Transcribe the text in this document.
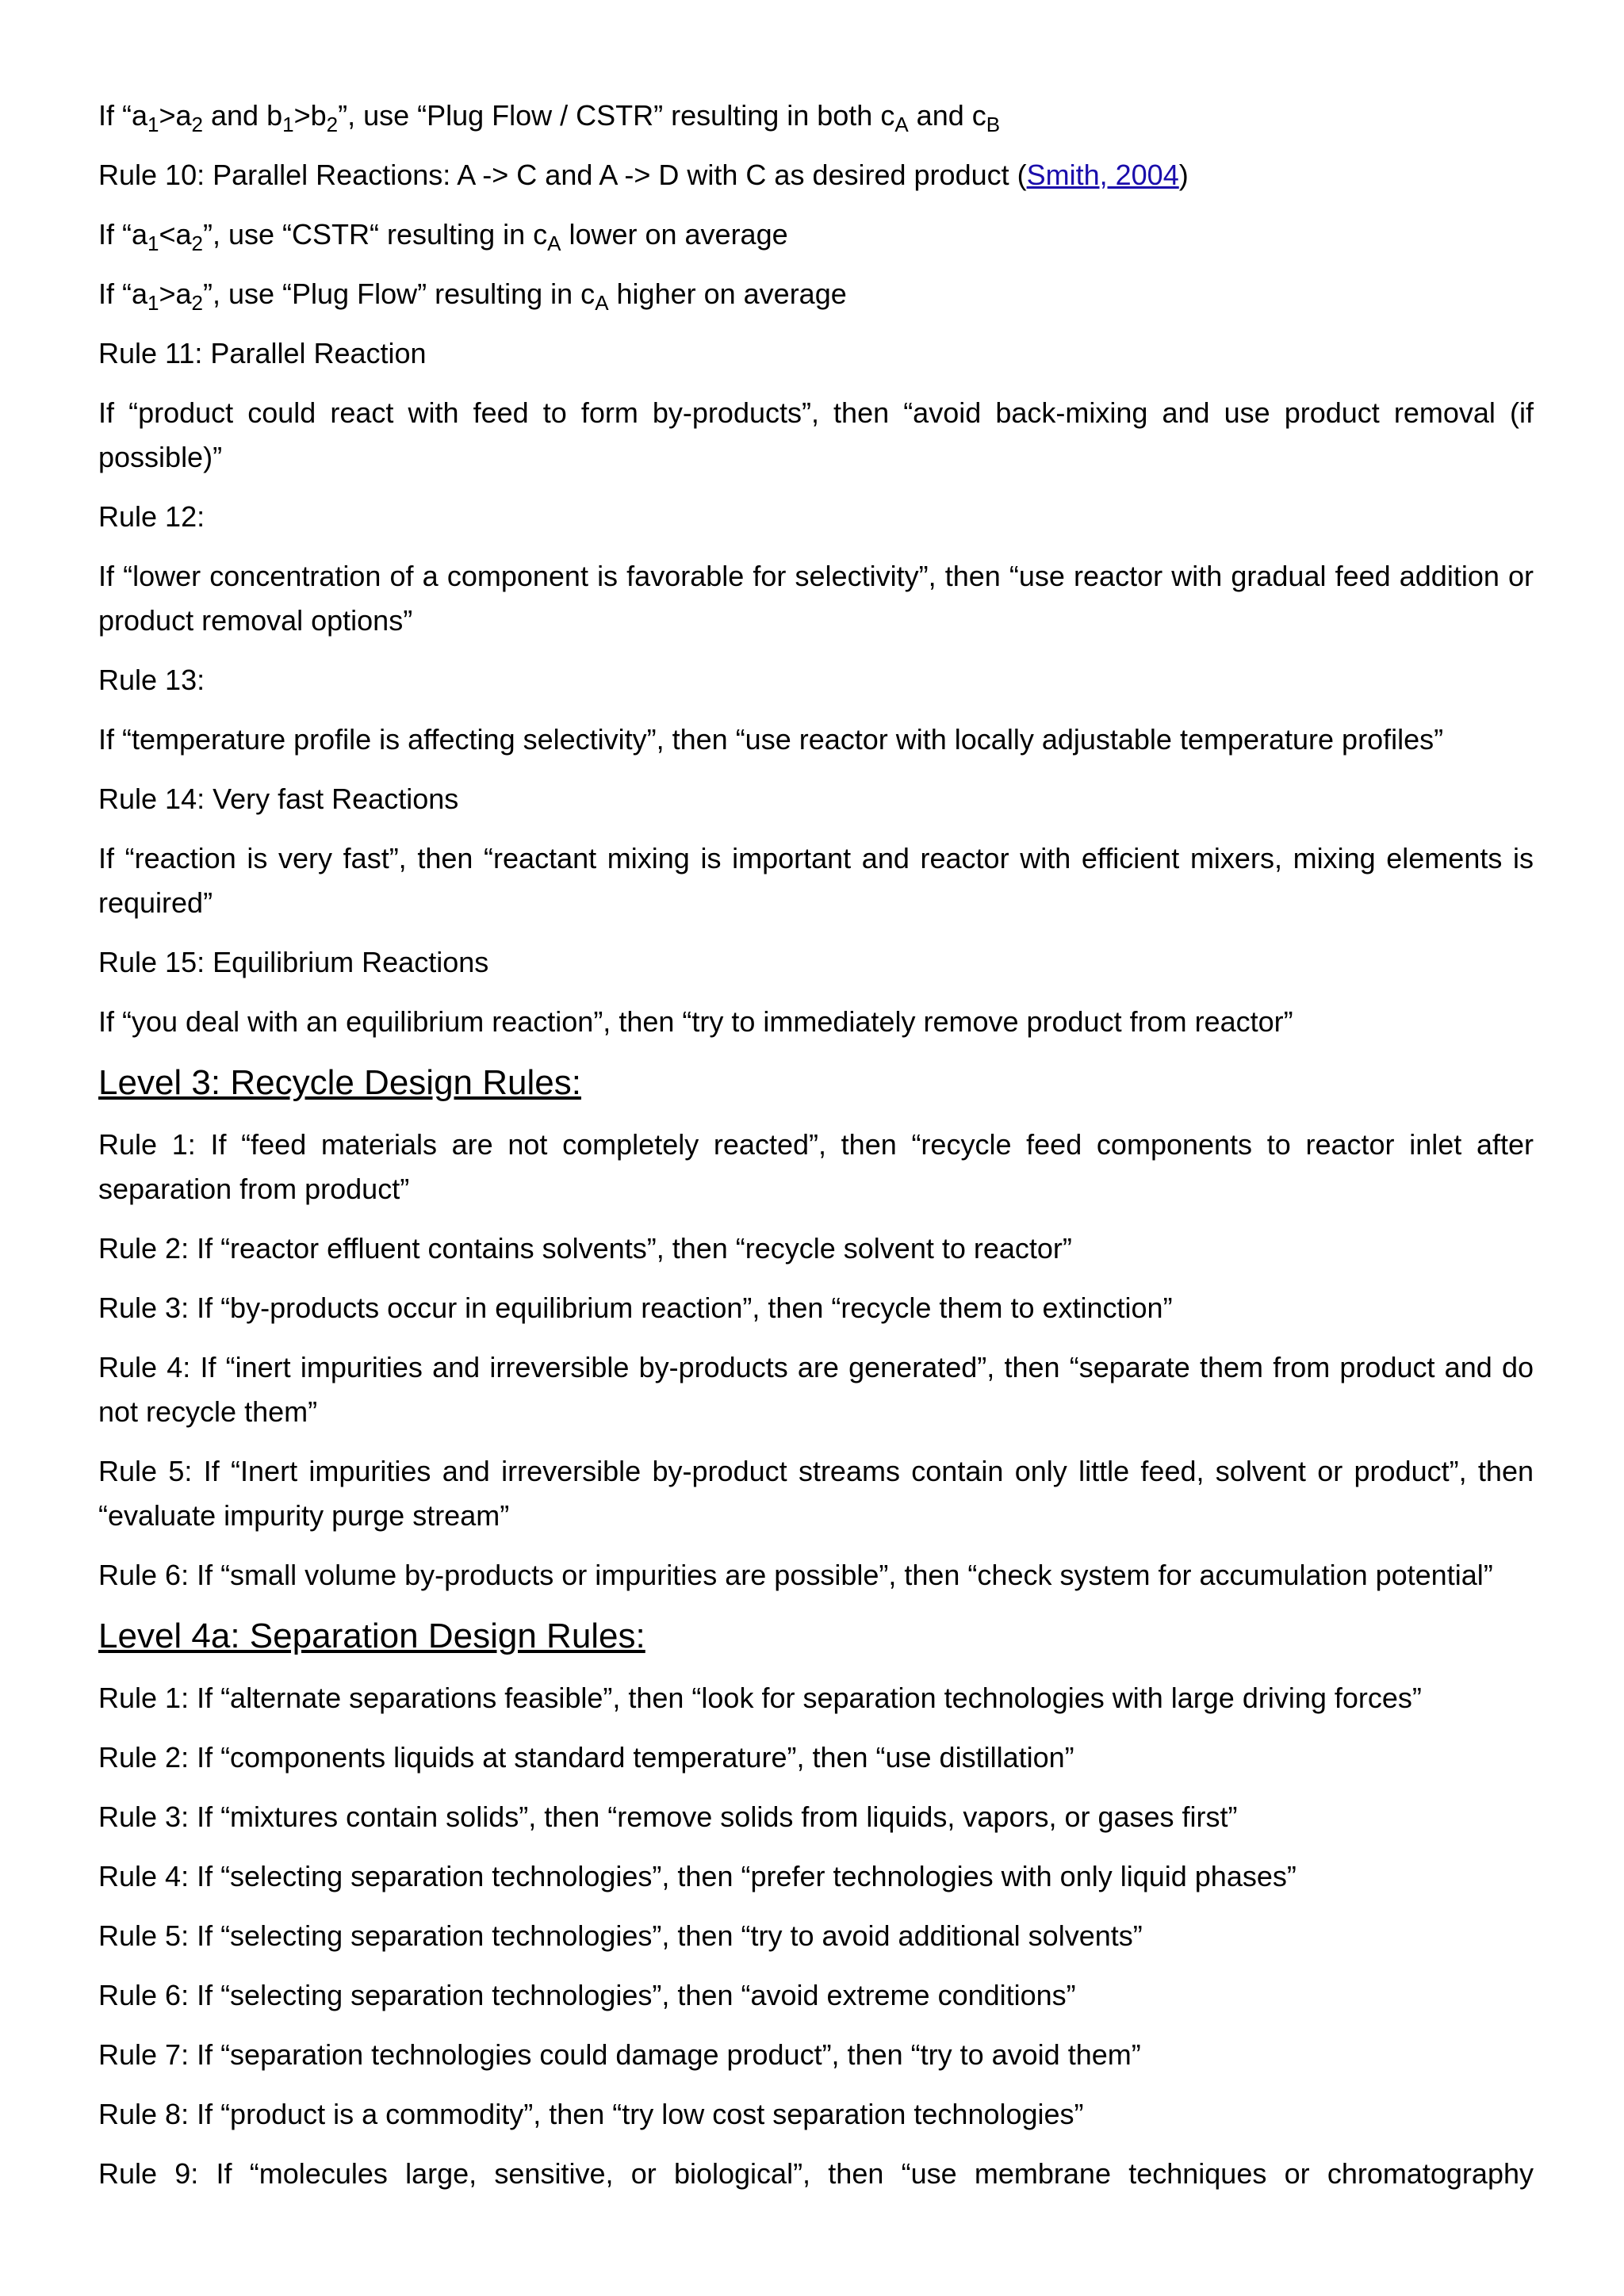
If “$a_1>a_2$ and $b_1>b_2$”, use “Plug Flow / CSTR” resulting in both $c_A$ and $c_B$

Rule 10: Parallel Reactions: A -> C and A -> D with C as desired product (Smith, 2004)

If “$a_1<a_2$”, use “CSTR“ resulting in $c_A$ lower on average

If “$a_1>a_2$”, use “Plug Flow” resulting in $c_A$ higher on average

Rule 11: Parallel Reaction

If “product could react with feed to form by-products”, then “avoid back-mixing and use product removal (if possible)”

Rule 12:

If “lower concentration of a component is favorable for selectivity”, then “use reactor with gradual feed addition or product removal options”

Rule 13:

If “temperature profile is affecting selectivity”, then “use reactor with locally adjustable temperature profiles”

Rule 14: Very fast Reactions

If “reaction is very fast”, then “reactant mixing is important and reactor with efficient mixers, mixing elements is required”

Rule 15: Equilibrium Reactions

If “you deal with an equilibrium reaction”, then “try to immediately remove product from reactor”

Level 3: Recycle Design Rules:

Rule 1: If “feed materials are not completely reacted”, then “recycle feed components to reactor inlet after separation from product”

Rule 2: If “reactor effluent contains solvents”, then “recycle solvent to reactor”

Rule 3: If “by-products occur in equilibrium reaction”, then “recycle them to extinction”

Rule 4: If “inert impurities and irreversible by-products are generated”, then “separate them from product and do not recycle them”

Rule 5: If “Inert impurities and irreversible by-product streams contain only little feed, solvent or product”, then “evaluate impurity purge stream”

Rule 6: If “small volume by-products or impurities are possible”, then “check system for accumulation potential”

Level 4a: Separation Design Rules:

Rule 1: If “alternate separations feasible”, then “look for separation technologies with large driving forces”

Rule 2: If “components liquids at standard temperature”, then “use distillation”

Rule 3: If “mixtures contain solids”, then “remove solids from liquids, vapors, or gases first”

Rule 4: If “selecting separation technologies”, then “prefer technologies with only liquid phases”

Rule 5: If “selecting separation technologies”, then “try to avoid additional solvents”

Rule 6: If “selecting separation technologies”, then “avoid extreme conditions”

Rule 7: If “separation technologies could damage product”, then “try to avoid them”

Rule 8: If “product is a commodity”, then “try low cost separation technologies”

Rule 9: If “molecules large, sensitive, or biological”, then “use membrane techniques or chromatography
